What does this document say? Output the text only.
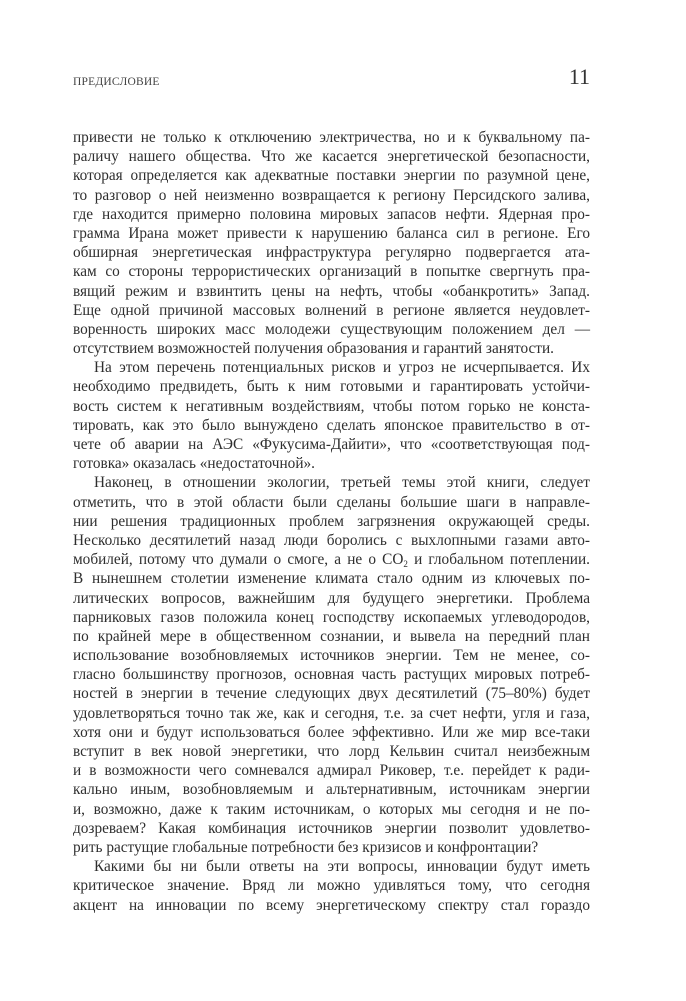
ПРЕДИСЛОВИЕ	11
привести не только к отключению электричества, но и к буквальному па-
раличу нашего общества. Что же касается энергетической безопасности,
которая определяется как адекватные поставки энергии по разумной цене,
то разговор о ней неизменно возвращается к региону Персидского залива,
где находится примерно половина мировых запасов нефти. Ядерная про-
грамма Ирана может привести к нарушению баланса сил в регионе. Его
обширная энергетическая инфраструктура регулярно подвергается ата-
кам со стороны террористических организаций в попытке свергнуть пра-
вящий режим и взвинтить цены на нефть, чтобы «обанкротить» Запад.
Еще одной причиной массовых волнений в регионе является неудовлет-
воренность широких масс молодежи существующим положением дел —
отсутствием возможностей получения образования и гарантий занятости.
На этом перечень потенциальных рисков и угроз не исчерпывается. Их
необходимо предвидеть, быть к ним готовыми и гарантировать устойчи-
вость систем к негативным воздействиям, чтобы потом горько не конста-
тировать, как это было вынуждено сделать японское правительство в от-
чете об аварии на АЭС «Фукусима-Дайити», что «соответствующая под-
готовка» оказалась «недостаточной».
Наконец, в отношении экологии, третьей темы этой книги, следует
отметить, что в этой области были сделаны большие шаги в направле-
нии решения традиционных проблем загрязнения окружающей среды.
Несколько десятилетий назад люди боролись с выхлопными газами авто-
мобилей, потому что думали о смоге, а не о $CO_2$ и глобальном потеплении.
В нынешнем столетии изменение климата стало одним из ключевых по-
литических вопросов, важнейшим для будущего энергетики. Проблема
парниковых газов положила конец господству ископаемых углеводородов,
по крайней мере в общественном сознании, и вывела на передний план
использование возобновляемых источников энергии. Тем не менее, со-
гласно большинству прогнозов, основная часть растущих мировых потреб-
ностей в энергии в течение следующих двух десятилетий (75–80%) будет
удовлетворяться точно так же, как и сегодня, т.е. за счет нефти, угля и газа,
хотя они и будут использоваться более эффективно. Или же мир все-таки
вступит в век новой энергетики, что лорд Кельвин считал неизбежным
и в возможности чего сомневался адмирал Риковер, т.е. перейдет к ради-
кально иным, возобновляемым и альтернативным, источникам энергии
и, возможно, даже к таким источникам, о которых мы сегодня и не по-
дозреваем? Какая комбинация источников энергии позволит удовлетво-
рить растущие глобальные потребности без кризисов и конфронтации?
Какими бы ни были ответы на эти вопросы, инновации будут иметь
критическое значение. Вряд ли можно удивляться тому, что сегодня
акцент на инновации по всему энергетическому спектру стал гораздо
